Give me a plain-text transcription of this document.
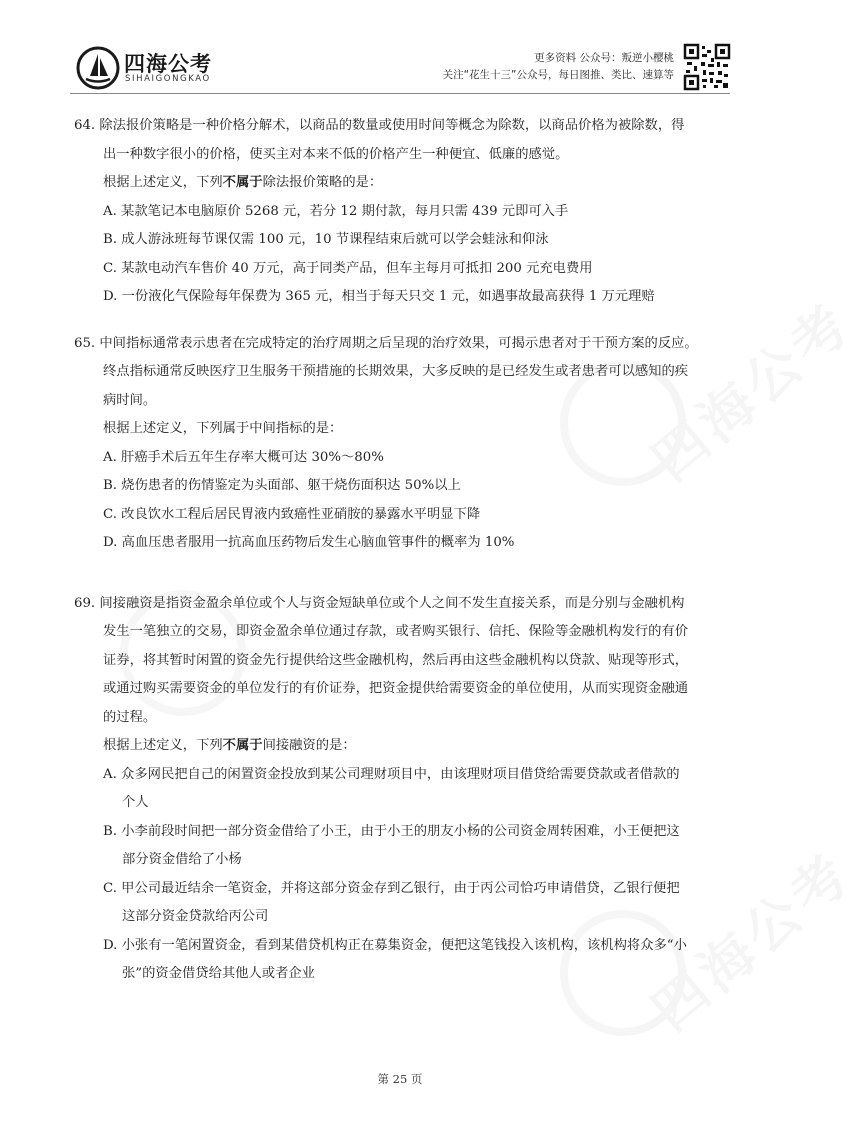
四海公考
四海公考
四海公考
SIHAIGONGKAO
更多资料 公众号：叛逆小樱桃
关注“花生十三”公众号，每日图推、类比、速算等
64. 除法报价策略是一种价格分解术，以商品的数量或使用时间等概念为除数，以商品价格为被除数，得
出一种数字很小的价格，使买主对本来不低的价格产生一种便宜、低廉的感觉。
根据上述定义，下列不属于除法报价策略的是：
A. 某款笔记本电脑原价 5268 元，若分 12 期付款，每月只需 439 元即可入手
B. 成人游泳班每节课仅需 100 元，10 节课程结束后就可以学会蛙泳和仰泳
C. 某款电动汽车售价 40 万元，高于同类产品，但车主每月可抵扣 200 元充电费用
D. 一份液化气保险每年保费为 365 元，相当于每天只交 1 元，如遇事故最高获得 1 万元理赔
65. 中间指标通常表示患者在完成特定的治疗周期之后呈现的治疗效果，可揭示患者对于干预方案的反应。
终点指标通常反映医疗卫生服务干预措施的长期效果，大多反映的是已经发生或者患者可以感知的疾
病时间。
根据上述定义，下列属于中间指标的是：
A. 肝癌手术后五年生存率大概可达 30%～80%
B. 烧伤患者的伤情鉴定为头面部、躯干烧伤面积达 50%以上
C. 改良饮水工程后居民胃液内致癌性亚硝胺的暴露水平明显下降
D. 高血压患者服用一抗高血压药物后发生心脑血管事件的概率为 10%
69. 间接融资是指资金盈余单位或个人与资金短缺单位或个人之间不发生直接关系，而是分别与金融机构
发生一笔独立的交易，即资金盈余单位通过存款，或者购买银行、信托、保险等金融机构发行的有价
证券，将其暂时闲置的资金先行提供给这些金融机构，然后再由这些金融机构以贷款、贴现等形式，
或通过购买需要资金的单位发行的有价证券，把资金提供给需要资金的单位使用，从而实现资金融通
的过程。
根据上述定义，下列不属于间接融资的是：
A. 众多网民把自己的闲置资金投放到某公司理财项目中，由该理财项目借贷给需要贷款或者借款的
个人
B. 小李前段时间把一部分资金借给了小王，由于小王的朋友小杨的公司资金周转困难，小王便把这
部分资金借给了小杨
C. 甲公司最近结余一笔资金，并将这部分资金存到乙银行，由于丙公司恰巧申请借贷，乙银行便把
这部分资金贷款给丙公司
D. 小张有一笔闲置资金，看到某借贷机构正在募集资金，便把这笔钱投入该机构，该机构将众多“小
张”的资金借贷给其他人或者企业
第 25 页
